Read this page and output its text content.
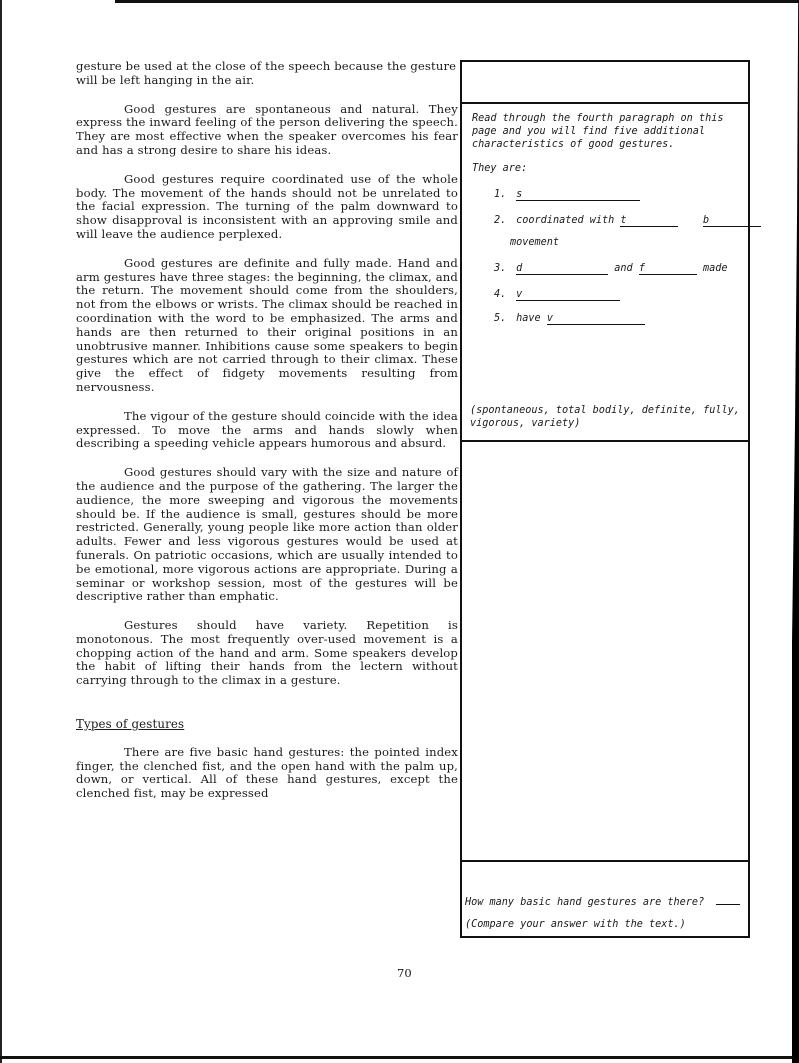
gesture be used at the close of the speech because the gesture will be left hanging in the air.

Good gestures are spontaneous and natural. They express the inward feeling of the person delivering the speech. They are most effective when the speaker overcomes his fear and has a strong desire to share his ideas.

Good gestures require coordinated use of the whole body. The movement of the hands should not be unrelated to the facial expression. The turning of the palm downward to show disapproval is inconsistent with an approving smile and will leave the audience perplexed.

Good gestures are definite and fully made. Hand and arm gestures have three stages: the beginning, the climax, and the return. The movement should come from the shoulders, not from the elbows or wrists. The climax should be reached in coordination with the word to be emphasized. The arms and hands are then returned to their original positions in an unobtrusive manner. Inhibitions cause some speakers to begin gestures which are not carried through to their climax. These give the effect of fidgety movements resulting from nervousness.

The vigour of the gesture should coincide with the idea expressed. To move the arms and hands slowly when describing a speeding vehicle appears humorous and absurd.

Good gestures should vary with the size and nature of the audience and the purpose of the gathering. The larger the audience, the more sweeping and vigorous the movements should be. If the audience is small, gestures should be more restricted. Generally, young people like more action than older adults. Fewer and less vigorous gestures would be used at funerals. On patriotic occasions, which are usually intended to be emotional, more vigorous actions are appropriate. During a seminar or workshop session, most of the gestures will be descriptive rather than emphatic.

Gestures should have variety. Repetition is monotonous. The most frequently over-used movement is a chopping action of the hand and arm. Some speakers develop the habit of lifting their hands from the lectern without carrying through to the climax in a gesture.

Types of gestures

There are five basic hand gestures: the pointed index finger, the clenched fist, and the open hand with the palm up, down, or vertical. All of these hand gestures, except the clenched fist, may be expressed

Read through the fourth paragraph on this page and you will find five additional characteristics of good gestures.
They are:
1. s
2. coordinated with t	b
movement
3. d	and f	made
4. v
5. have v
(spontaneous, total bodily, definite, fully, vigorous, variety)
How many basic hand gestures are there?
(Compare your answer with the text.)
70
